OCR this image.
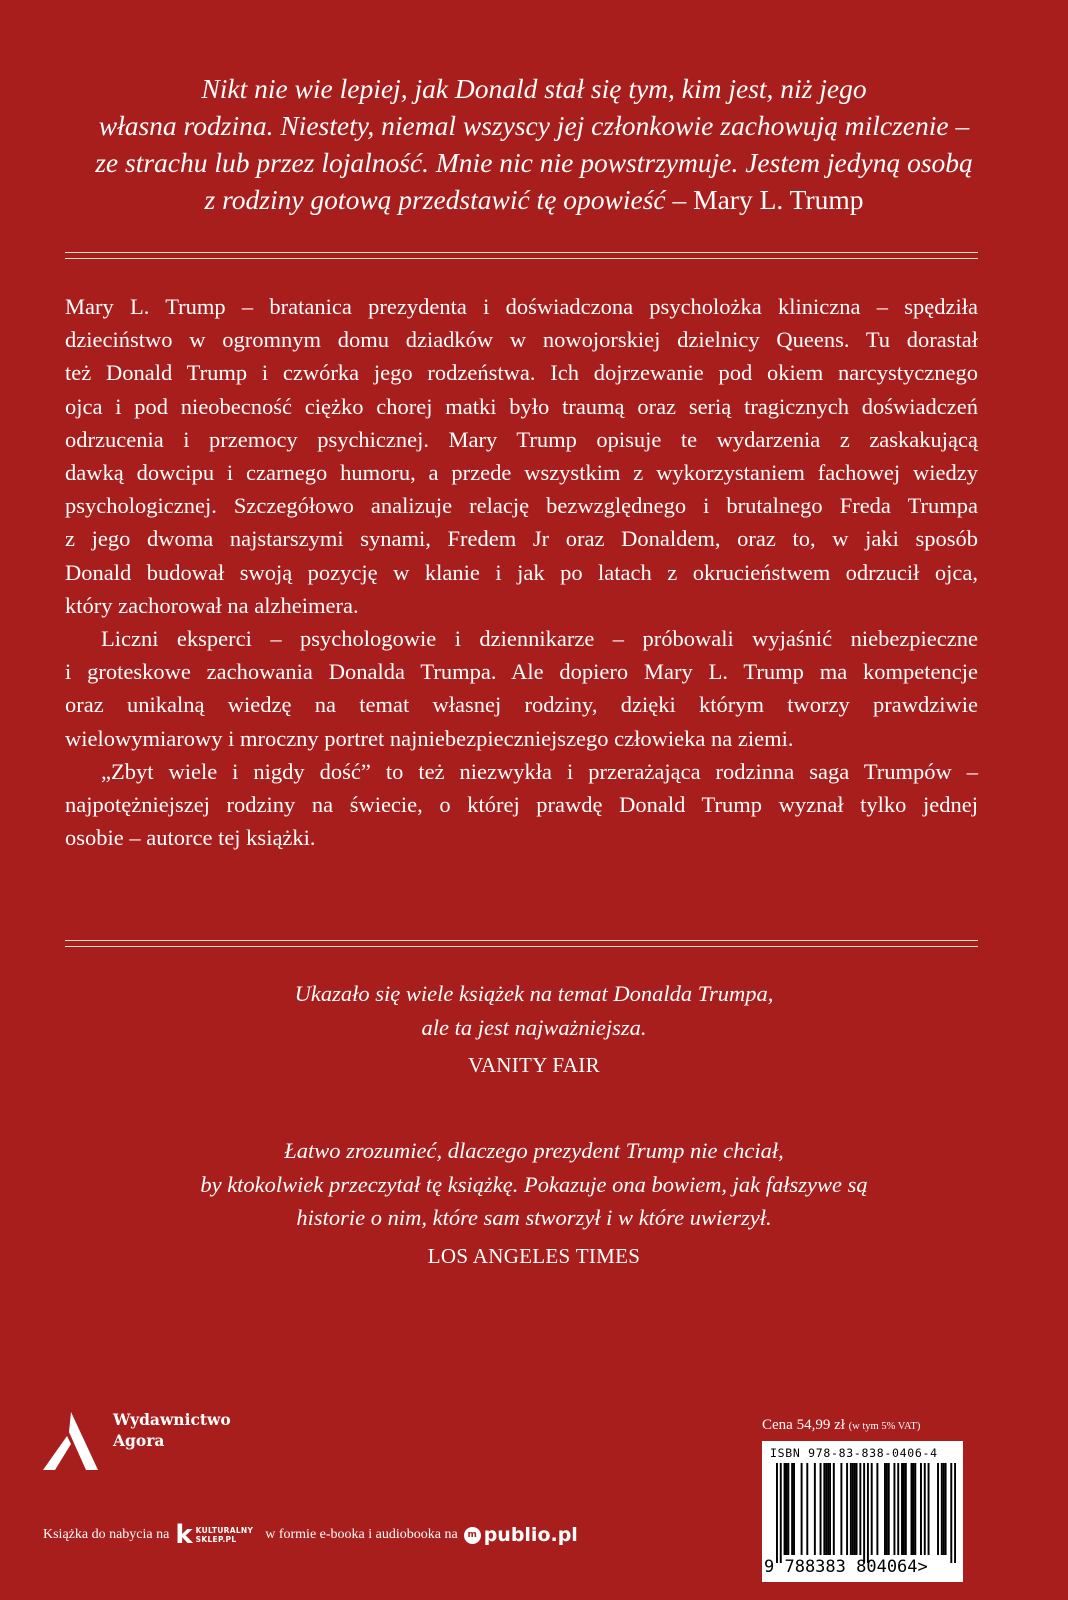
Nikt nie wie lepiej, jak Donald stał się tym, kim jest, niż jego
własna rodzina. Niestety, niemal wszyscy jej członkowie zachowują milczenie –
ze strachu lub przez lojalność. Mnie nic nie powstrzymuje. Jestem jedyną osobą
z rodziny gotową przedstawić tę opowieść – Mary L. Trump
Mary L. Trump – bratanica prezydenta i doświadczona psycholożka kliniczna – spędziła
dzieciństwo w ogromnym domu dziadków w nowojorskiej dzielnicy Queens. Tu dorastał
też Donald Trump i czwórka jego rodzeństwa. Ich dojrzewanie pod okiem narcystycznego
ojca i pod nieobecność ciężko chorej matki było traumą oraz serią tragicznych doświadczeń
odrzucenia i przemocy psychicznej. Mary Trump opisuje te wydarzenia z zaskakującą
dawką dowcipu i czarnego humoru, a przede wszystkim z wykorzystaniem fachowej wiedzy
psychologicznej. Szczegółowo analizuje relację bezwzględnego i brutalnego Freda Trumpa
z jego dwoma najstarszymi synami, Fredem Jr oraz Donaldem, oraz to, w jaki sposób
Donald budował swoją pozycję w klanie i jak po latach z okrucieństwem odrzucił ojca,
który zachorował na alzheimera.
Liczni eksperci – psychologowie i dziennikarze – próbowali wyjaśnić niebezpieczne
i groteskowe zachowania Donalda Trumpa. Ale dopiero Mary L. Trump ma kompetencje
oraz unikalną wiedzę na temat własnej rodziny, dzięki którym tworzy prawdziwie
wielowymiarowy i mroczny portret najniebezpieczniejszego człowieka na ziemi.
„Zbyt wiele i nigdy dość” to też niezwykła i przerażająca rodzinna saga Trumpów –
najpotężniejszej rodziny na świecie, o której prawdę Donald Trump wyznał tylko jednej
osobie – autorce tej książki.
Ukazało się wiele książek na temat Donalda Trumpa,
ale ta jest najważniejsza.
VANITY FAIR
Łatwo zrozumieć, dlaczego prezydent Trump nie chciał,
by ktokolwiek przeczytał tę książkę. Pokazuje ona bowiem, jak fałszywe są
historie o nim, które sam stworzył i w które uwierzył.
LOS ANGELES TIMES
Wydawnictwo
Agora
Książka do nabycia na k KULTURALNY
SKLEP.PL	w formie e-booka i audiobooka na	m publio.pl
Cena 54,99 zł (w tym 5% VAT)
ISBN 978-83-838-0406-4
9 788383 804064>
